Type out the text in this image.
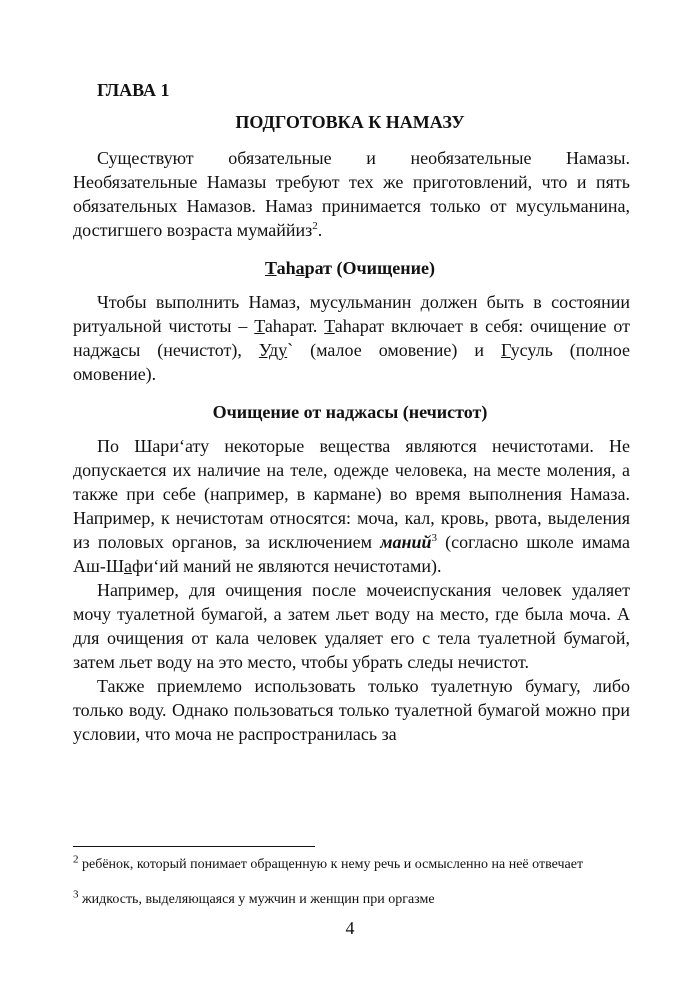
ГЛАВА 1
ПОДГОТОВКА К НАМАЗУ

Существуют обязательные и необязательные Намазы. Необязательные Намазы требуют тех же приготовлений, что и пять обязательных Намазов. Намаз принимается только от мусульманина, достигшего возраста мумаййиз$^2$.

Таhарат (Очищение)

Чтобы выполнить Намаз, мусульманин должен быть в состоянии ритуальной чистоты – Таhарат. Таhарат включает в себя: очищение от наджасы (нечистот), Уду` (малое омовение) и Гусуль (полное омовение).

Очищение от наджасы (нечистот)

По Шари‘ату некоторые вещества являются нечистотами. Не допускается их наличие на теле, одежде человека, на месте моления, а также при себе (например, в кармане) во время выполнения Намаза. Например, к нечистотам относятся: моча, кал, кровь, рвота, выделения из половых органов, за исключением маний$^3$ (согласно школе имама Аш-Шафи‘ий маний не являются нечистотами).

Например, для очищения после мочеиспускания человек удаляет мочу туалетной бумагой, а затем льет воду на место, где была моча. А для очищения от кала человек удаляет его с тела туалетной бумагой, затем льет воду на это место, чтобы убрать следы нечистот.

Также приемлемо использовать только туалетную бумагу, либо только воду. Однако пользоваться только туалетной бумагой можно при условии, что моча не распространилась за

$^2$ ребёнок, который понимает обращенную к нему речь и осмысленно на неё отвечает
$^3$ жидкость, выделяющаяся у мужчин и женщин при оргазме
4
